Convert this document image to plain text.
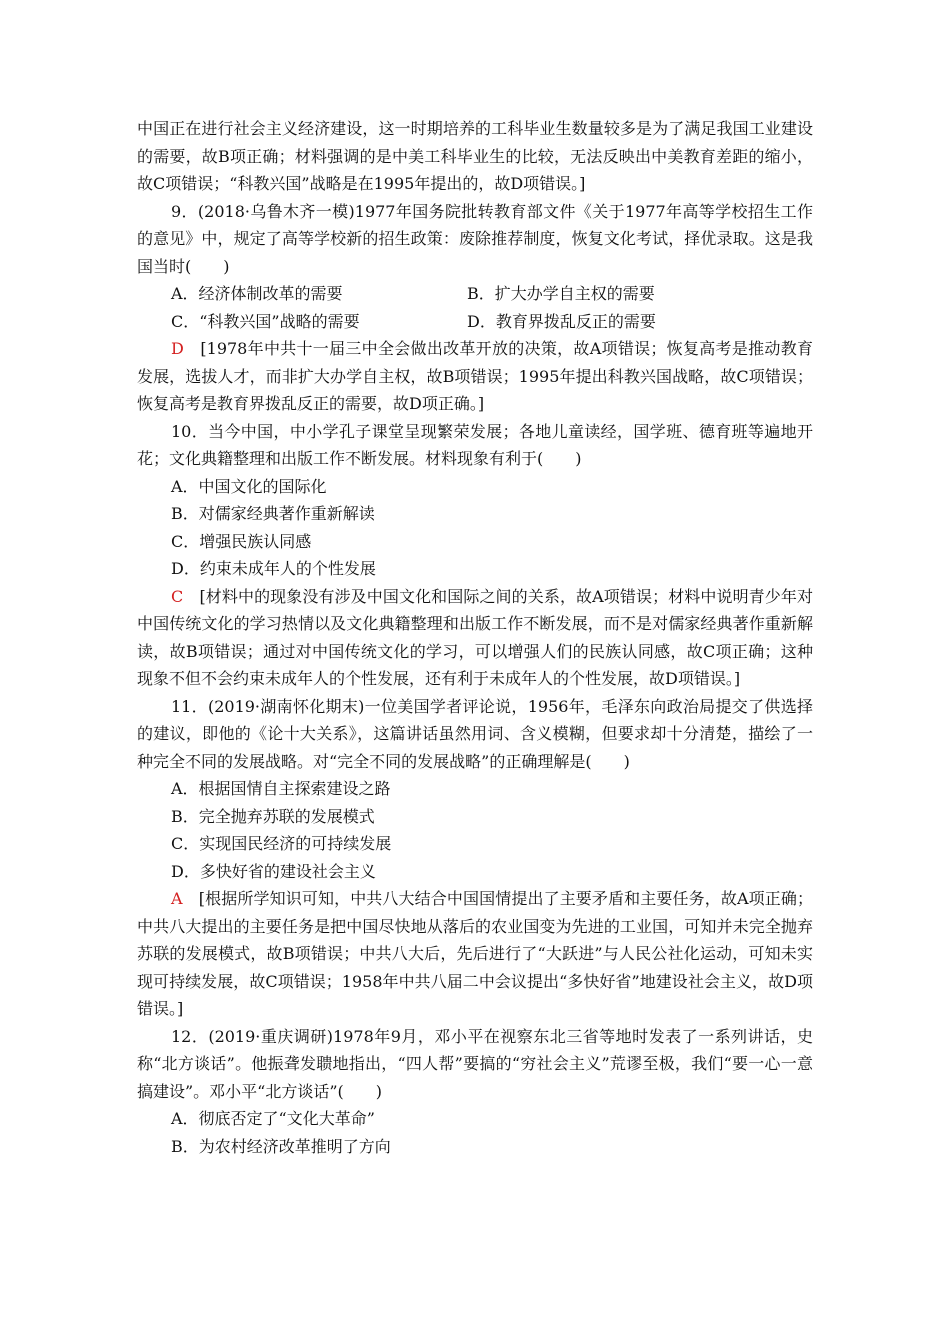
中国正在进行社会主义经济建设，这一时期培养的工科毕业生数量较多是为了满足我国工业建设的需要，故B项正确；材料强调的是中美工科毕业生的比较，无法反映出中美教育差距的缩小，故C项错误；“科教兴国”战略是在1995年提出的，故D项错误。]

9．(2018·乌鲁木齐一模)1977年国务院批转教育部文件《关于1977年高等学校招生工作的意见》中，规定了高等学校新的招生政策：废除推荐制度，恢复文化考试，择优录取。这是我国当时(　　)

A．经济体制改革的需要	B．扩大办学自主权的需要
C．“科教兴国”战略的需要	D．教育界拨乱反正的需要

D　[1978年中共十一届三中全会做出改革开放的决策，故A项错误；恢复高考是推动教育发展，选拔人才，而非扩大办学自主权，故B项错误；1995年提出科教兴国战略，故C项错误；恢复高考是教育界拨乱反正的需要，故D项正确。]

10．当今中国，中小学孔子课堂呈现繁荣发展；各地儿童读经，国学班、德育班等遍地开花；文化典籍整理和出版工作不断发展。材料现象有利于(　　)

A．中国文化的国际化

B．对儒家经典著作重新解读

C．增强民族认同感

D．约束未成年人的个性发展

C　[材料中的现象没有涉及中国文化和国际之间的关系，故A项错误；材料中说明青少年对中国传统文化的学习热情以及文化典籍整理和出版工作不断发展，而不是对儒家经典著作重新解读，故B项错误；通过对中国传统文化的学习，可以增强人们的民族认同感，故C项正确；这种现象不但不会约束未成年人的个性发展，还有利于未成年人的个性发展，故D项错误。]

11．(2019·湖南怀化期末)一位美国学者评论说，1956年，毛泽东向政治局提交了供选择的建议，即他的《论十大关系》，这篇讲话虽然用词、含义模糊，但要求却十分清楚，描绘了一种完全不同的发展战略。对“完全不同的发展战略”的正确理解是(　　)

A．根据国情自主探索建设之路

B．完全抛弃苏联的发展模式

C．实现国民经济的可持续发展

D．多快好省的建设社会主义

A　[根据所学知识可知，中共八大结合中国国情提出了主要矛盾和主要任务，故A项正确；中共八大提出的主要任务是把中国尽快地从落后的农业国变为先进的工业国，可知并未完全抛弃苏联的发展模式，故B项错误；中共八大后，先后进行了“大跃进”与人民公社化运动，可知未实现可持续发展，故C项错误；1958年中共八届二中会议提出“多快好省”地建设社会主义，故D项错误。]

12．(2019·重庆调研)1978年9月，邓小平在视察东北三省等地时发表了一系列讲话，史称“北方谈话”。他振聋发聩地指出，“四人帮”要搞的“穷社会主义”荒谬至极，我们“要一心一意搞建设”。邓小平“北方谈话”(　　)

A．彻底否定了“文化大革命”

B．为农村经济改革推明了方向
